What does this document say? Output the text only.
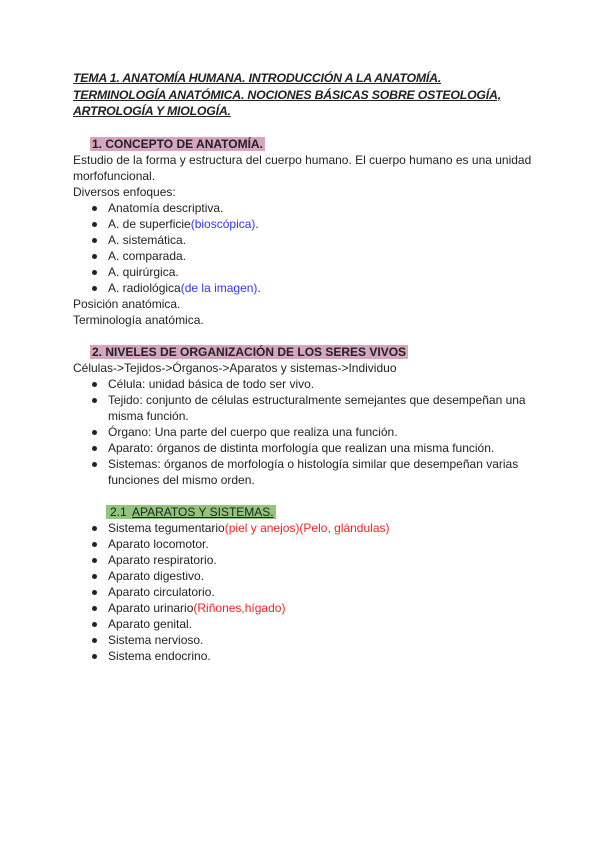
TEMA 1. ANATOMÍA HUMANA. INTRODUCCIÓN A LA ANATOMÍA. TERMINOLOGÍA ANATÓMICA. NOCIONES BÁSICAS SOBRE OSTEOLOGÍA, ARTROLOGÍA Y MIOLOGÍA.
1. CONCEPTO DE ANATOMÍA.
Estudio de la forma y estructura del cuerpo humano. El cuerpo humano es una unidad morfofuncional.
Diversos enfoques:
Anatomía descriptiva.
A. de superficie(bioscópica).
A. sistemática.
A. comparada.
A. quirúrgica.
A. radiológica(de la imagen).
Posición anatómica.
Terminología anatómica.
2. NIVELES DE ORGANIZACIÓN DE LOS SERES VIVOS
Células->Tejidos->Órganos->Aparatos y sistemas->Individuo
Célula: unidad básica de todo ser vivo.
Tejido: conjunto de células estructuralmente semejantes que desempeñan una misma función.
Órgano: Una parte del cuerpo que realiza una función.
Aparato: órganos de distinta morfología que realizan una misma función.
Sistemas: órganos de morfología o histología similar que desempeñan varias funciones del mismo orden.
2.1 APARATOS Y SISTEMAS.
Sistema tegumentario(piel y anejos)(Pelo, glándulas)
Aparato locomotor.
Aparato respiratorio.
Aparato digestivo.
Aparato circulatorio.
Aparato urinario(Riñones,hígado)
Aparato genital.
Sistema nervioso.
Sistema endocrino.
